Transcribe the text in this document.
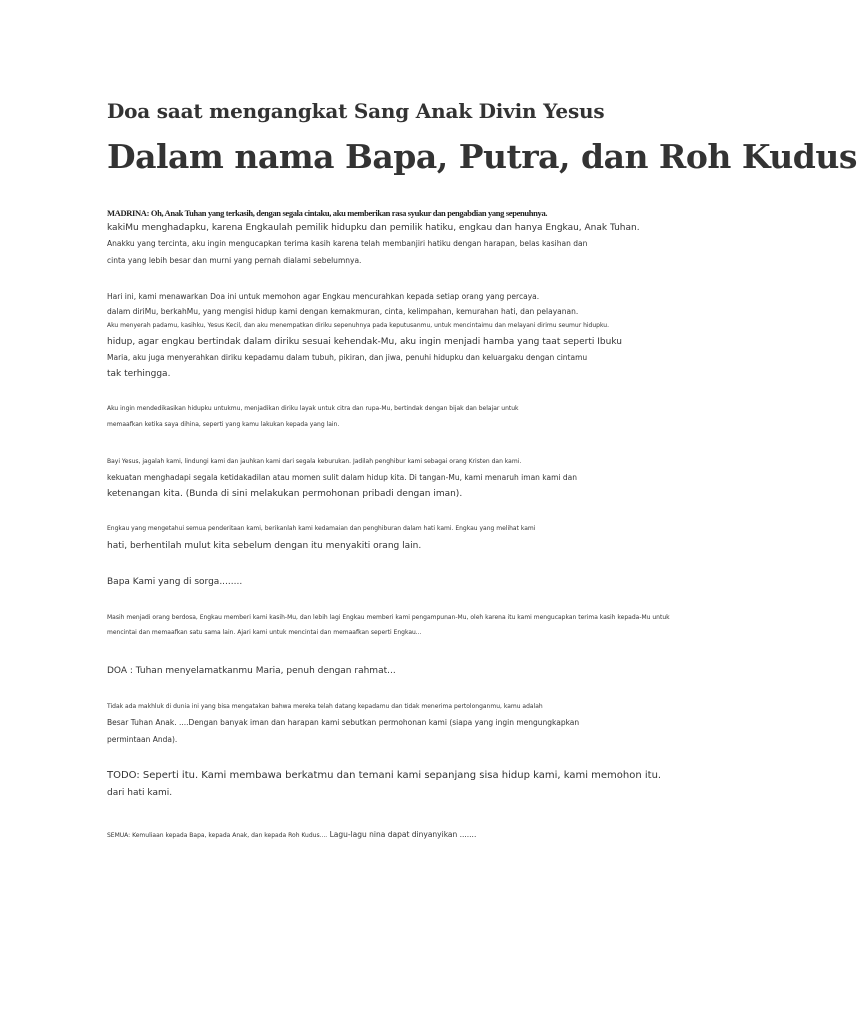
Doa saat mengangkat Sang Anak Divin Yesus
Dalam nama Bapa, Putra, dan Roh Kudus
MADRINA: Oh, Anak Tuhan yang terkasih, dengan segala cintaku, aku memberikan rasa syukur dan pengabdian yang sepenuhnya.
kakiMu menghadapku, karena Engkaulah pemilik hidupku dan pemilik hatiku, engkau dan hanya Engkau, Anak Tuhan.
Anakku yang tercinta, aku ingin mengucapkan terima kasih karena telah membanjiri hatiku dengan harapan, belas kasihan dan
cinta yang lebih besar dan murni yang pernah dialami sebelumnya.
Hari ini, kami menawarkan Doa ini untuk memohon agar Engkau mencurahkan kepada setiap orang yang percaya.
dalam diriMu, berkahMu, yang mengisi hidup kami dengan kemakmuran, cinta, kelimpahan, kemurahan hati, dan pelayanan.
Aku menyerah padamu, kasihku, Yesus Kecil, dan aku menempatkan diriku sepenuhnya pada keputusanmu, untuk mencintaimu dan melayani dirimu seumur hidupku.
hidup, agar engkau bertindak dalam diriku sesuai kehendak-Mu, aku ingin menjadi hamba yang taat seperti Ibuku
Maria, aku juga menyerahkan diriku kepadamu dalam tubuh, pikiran, dan jiwa, penuhi hidupku dan keluargaku dengan cintamu
tak terhingga.
Aku ingin mendedikasikan hidupku untukmu, menjadikan diriku layak untuk citra dan rupa-Mu, bertindak dengan bijak dan belajar untuk
memaafkan ketika saya dihina, seperti yang kamu lakukan kepada yang lain.
Bayi Yesus, jagalah kami, lindungi kami dan jauhkan kami dari segala keburukan. Jadilah penghibur kami sebagai orang Kristen dan kami.
kekuatan menghadapi segala ketidakadilan atau momen sulit dalam hidup kita. Di tangan-Mu, kami menaruh iman kami dan
ketenangan kita. (Bunda di sini melakukan permohonan pribadi dengan iman).
Engkau yang mengetahui semua penderitaan kami, berikanlah kami kedamaian dan penghiburan dalam hati kami. Engkau yang melihat kami
hati, berhentilah mulut kita sebelum dengan itu menyakiti orang lain.
Bapa Kami yang di sorga........
Masih menjadi orang berdosa, Engkau memberi kami kasih-Mu, dan lebih lagi Engkau memberi kami pengampunan-Mu, oleh karena itu kami mengucapkan terima kasih kepada-Mu untuk
mencintai dan memaafkan satu sama lain. Ajari kami untuk mencintai dan memaafkan seperti Engkau...
DOA : Tuhan menyelamatkanmu Maria, penuh dengan rahmat...
Tidak ada makhluk di dunia ini yang bisa mengatakan bahwa mereka telah datang kepadamu dan tidak menerima pertolonganmu, kamu adalah
Besar Tuhan Anak. ....Dengan banyak iman dan harapan kami sebutkan permohonan kami (siapa yang ingin mengungkapkan
permintaan Anda).
TODO: Seperti itu. Kami membawa berkatmu dan temani kami sepanjang sisa hidup kami, kami memohon itu.
dari hati kami.
SEMUA: Kemuliaan kepada Bapa, kepada Anak, dan kepada Roh Kudus.... Lagu-lagu nina dapat dinyanyikan .......
